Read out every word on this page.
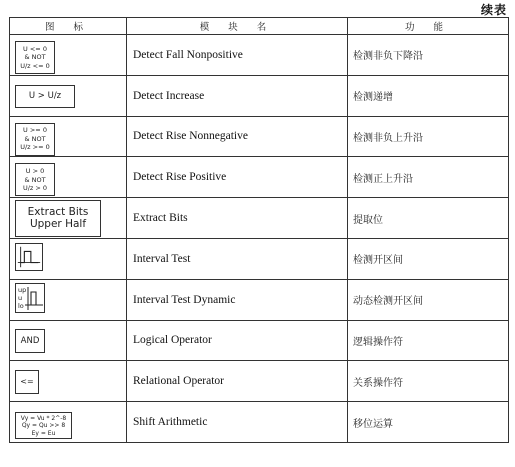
续表
图 标	模 块 名	功 能

U <= 0
& NOT
U/z <= 0	Detect Fall Nonpositive	检测非负下降沿
U > U/z	Detect Increase	检测递增

U >= 0
& NOT
U/z >= 0	Detect Rise Nonnegative	检测非负上升沿

U > 0
& NOT
U/z > 0	Detect Rise Positive	检测正上升沿

Extract Bits
Upper Half	Extract Bits	提取位

	Interval Test	检测开区间

up
u
lo	Interval Test Dynamic	动态检测开区间
AND	Logical Operator	逻辑操作符
<=	Relational Operator	关系操作符

Vy = Vu * 2^-8
Qy = Qu >> 8
Ey = Eu	Shift Arithmetic	移位运算
